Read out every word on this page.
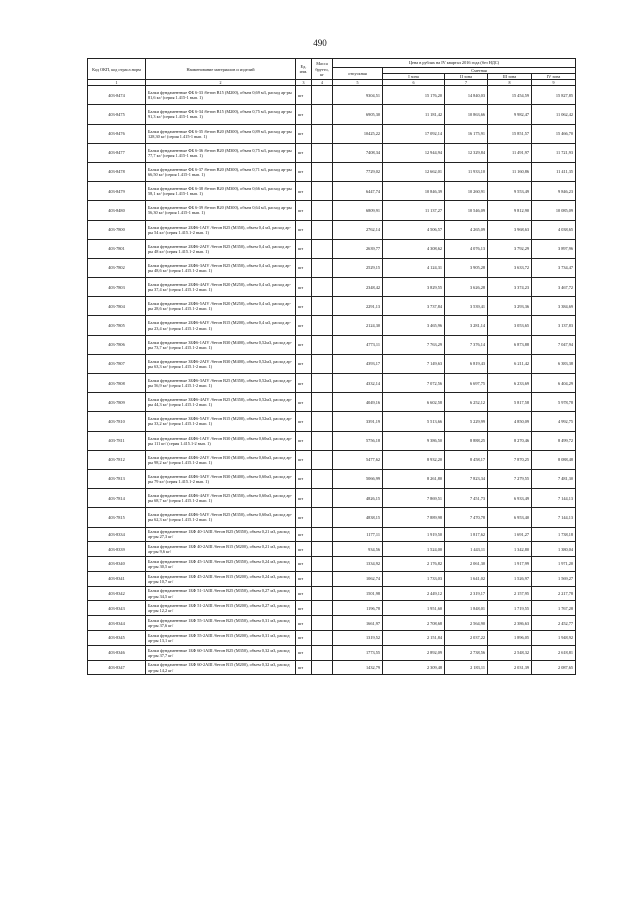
490
Код ОКП, код отрасл.норм	Наименование материалов и изделий	Ед. изм.	Масса брутто, кг	Цена в рублях на IV квартал 2016 года (без НДС)				
				отпускная	Сметная			
					I зона	II зона	III зона	IV зона
1	2	3	4	5	6	7	8	9
403-8474	Балки фундаментные ФБ 6-33 /бетон В15 (М200), объем 0,69 м3, расход ар-ры 81,6 кг/ (серия 1.415-1 вып. 1)	шт		9304,51	15 176,20	14 840,03	15 454,59	15 827,85
403-8475	Балки фундаментные ФБ 6-34 /бетон В15 (М200), объем 0,75 м3, расход ар-ры 91,3 кг/ (серия 1.415-1 вып. 1)	шт		6905,30	11 181,42	10 863,66	9 982,47	11 062,42
403-8476	Балки фундаментные ФБ 6-35 /бетон В20 (М300), объем 0,89 м3, расход ар-ры 128,30 кг/ (серия 1.415-1 вып. 1)	шт		10425,22	17 092,14	16 175,91	15 851,57	15 466,70
403-8477	Балки фундаментные ФБ 6-36 /бетон В20 (М300), объем 0,75 м3, расход ар-ры 77,7 кг/ (серия 1.415-1 вып. 1)	шт		7408,34	12 944,94	12 329,84	11 491,97	11 721,93
403-8478	Балки фундаментные ФБ 6-37 /бетон В20 (М300), объем 0,71 м3, расход ар-ры 66,50 кг/ (серия 1.415-1 вып. 1)	шт		7729,02	12 662,01	11 933,10	11 160,86	11 411,35
403-8479	Балки фундаментные ФБ 6-38 /бетон В20 (М300), объем 0,66 м3, расход ар-ры 58,1 кг/ (серия 1.415-1 вып. 1)	шт		6447,74	10 846,39	10 260,91	9 553,49	9 846,23
403-8480	Балки фундаментные ФБ 6-39 /бетон В20 (М300), объем 0,64 м3, расход ар-ры 56,30 кг/ (серия 1.415-1 вып. 1)	шт		6809,91	11 137,27	10 546,09	9 812,90	10 085,09
403-7800	Балки фундаментные 2БФ6-1АIV /бетон В25 (М350), объем 0,4 м3, расход ар-ры 54 кг/ (серия 1.415.1-2 вып. 1)	шт		2762,14	4 506,57	4 265,09	3 968,63	4 038,65
403-7801	Балки фундаментные 2БФ6-2АIV /бетон В25 (М350), объем 0,4 м3, расход ар-ры 48 кг/ (серия 1.415.1-2 вып. 1)	шт		2639,77	4 308,62	4 076,13	3 792,29	3 897,96
403-7802	Балки фундаментные 2БФ6-3АIV /бетон В25 (М350), объем 0,4 м3, расход ар-ры 48,6 кг/ (серия 1.415.1-2 вып. 1)	шт		2529,15	4 124,31	3 905,28	3 633,72	3 734,47
403-7803	Балки фундаментные 2БФ6-4АIV /бетон В20 (М250), объем 0,4 м3, расход ар-ры 37,4 кг/ (серия 1.415.1-2 вып. 1)	шт		2348,42	3 829,55	3 626,28	3 374,23	3 467,72
403-7804	Балки фундаментные 2БФ6-5АIV /бетон В20 (М250), объем 0,4 м3, расход ар-ры 28,6 кг/ (серия 1.415.1-2 вып. 1)	шт		2291,13	3 737,84	3 539,41	3 293,36	3 384,69
403-7805	Балки фундаментные 2БФ6-6АIV /бетон В15 (М200), объем 0,4 м3, расход ар-ры 23,4 кг/ (серия 1.415.1-2 вып. 1)	шт		2124,30	3 465,96	3 281,14	3 053,65	3 137,83
403-7806	Балки фундаментные 3БФ6-1АIV /бетон В30 (М400), объем 0,52м3, расход ар-ры 73,7 кг/ (серия 1.415.1-2 вып. 1)	шт		4773,11	7 763,29	7 376,14	6 873,88	7 047,94
403-7807	Балки фундаментные 3БФ6-2АIV /бетон В30 (М400), объем 0,52м3, расход ар-ры 63,3 кг/ (серия 1.415.1-2 вып. 1)	шт		4393,17	7 149,63	6 819,43	6 211,42	6 383,38
403-7808	Балки фундаментные 3БФ6-3АIV /бетон В25 (М350), объем 0,52м3, расход ар-ры 56,9 кг/ (серия 1.415.1-2 вып. 1)	шт		4332,14	7 072,56	6 697,75	6 233,69	6 404,29
403-7809	Балки фундаментные 3БФ6-4АIV /бетон В25 (М350), объем 0,52м3, расход ар-ры 44,3 кг/ (серия 1.415.1-2 вып. 1)	шт		4049,16	6 602,58	6 252,12	5 817,58	5 978,78
403-7810	Балки фундаментные 3БФ6-5АIV /бетон В15 (М200), объем 0,52м3, расход ар-ры 33,2 кг/ (серия 1.415.1-2 вып. 1)	шт		3391,19	5 513,66	5 229,99	4 850,09	4 992,75
403-7811	Балки фундаментные 4БФ6-1АIV /бетон В30 (М400), объем 0,60м3, расход ар-ры 111 кг/ (серия 1.415.1-2 вып. 1)	шт		5756,18	9 386,50	8 888,25	8 270,46	8 499,72
403-7812	Балки фундаментные 4БФ6-2АIV /бетон В30 (М400), объем 0,60м3, расход ар-ры 98,2 кг/ (серия 1.415.1-2 вып. 1)	шт		5477,62	8 932,20	8 458,17	7 870,25	8 088,48
403-7813	Балки фундаментные 4БФ6-3АIV /бетон В30 (М400), объем 0,60м3, расход ар-ры 79 кг/ (серия 1.415.1-2 вып. 1)	шт		5066,99	8 261,80	7 823,34	7 279,55	7 481,30
403-7814	Балки фундаментные 4БФ6-4АIV /бетон В25 (М350), объем 0,60м3, расход ар-ры 68,7 кг/ (серия 1.415.1-2 вып. 1)	шт		4826,15	7 869,51	7 451,73	6 933,49	7 144,13
403-7815	Балки фундаментные 4БФ6-5АIV /бетон В25 (М350), объем 0,60м3, расход ар-ры 62,3 кг/ (серия 1.415.1-2 вып. 1)	шт		4838,15	7 889,98	7 470,78	6 953,40	7 144,13
403-8334	Балки фундаментные 1БФ 40-1АIII /бетон В25 (М350), объем 0,21 м3, расход ар-ры 27,3 кг/	шт		1177,11	1 919,50	1 817,62	1 691,27	1 738,18
403-8339	Балки фундаментные 1БФ 40-2АIII /бетон В15 (М200), объем 0,21 м3, расход ар-ры 9,6 кг/	шт		934,56	1 524,00	1 443,11	1 342,80	1 380,04
403-8340	Балки фундаментные 1БФ 45-1АIII /бетон В25 (М350), объем 0,24 м3, расход ар-ры 30,5 кг/	шт		1334,92	2 176,82	2 061,30	1 917,99	1 971,20
403-8341	Балки фундаментные 1БФ 45-2АIII /бетон В15 (М200), объем 0,24 м3, расход ар-ры 10,7 кг/	шт		1062,74	1 733,03	1 641,02	1 526,97	1 569,27
403-8342	Балки фундаментные 1БФ 51-1АIII /бетон В25 (М350), объем 0,27 м3, расход ар-ры 34,5 кг/	шт		1501,98	2 449,12	2 319,17	2 157,95	2 217,78
403-8343	Балки фундаментные 1БФ 51-2АIII /бетон В15 (М200), объем 0,27 м3, расход ар-ры 12,2 кг/	шт		1196,78	1 951,60	1 848,01	1 719,55	1 767,28
403-8344	Балки фундаментные 1БФ 55-1АIII /бетон В25 (М350), объем 0,31 м3, расход ар-ры 37,6 кг/	шт		1661,97	2 708,68	2 564,90	2 386,63	2 452,77
403-8345	Балки фундаментные 1БФ 55-2АIII /бетон В15 (М200), объем 0,31 м3, расход ар-ры 13,1 кг/	шт		1319,52	2 151,84	2 037,22	1 896,05	1 948,92
403-8346	Балки фундаментные 1БФ 60-1АIII /бетон В25 (М350), объем 0,32 м3, расход ар-ры 37,7 кг/	шт		1773,55	2 892,09	2 738,56	2 548,32	2 618,81
403-8347	Балки фундаментные 1БФ 60-2АIII /бетон В15 (М200), объем 0,32 м3, расход ар-ры 14,2 кг/	шт		1432,79	2 309,48	2 183,11	2 031,39	2 087,65
